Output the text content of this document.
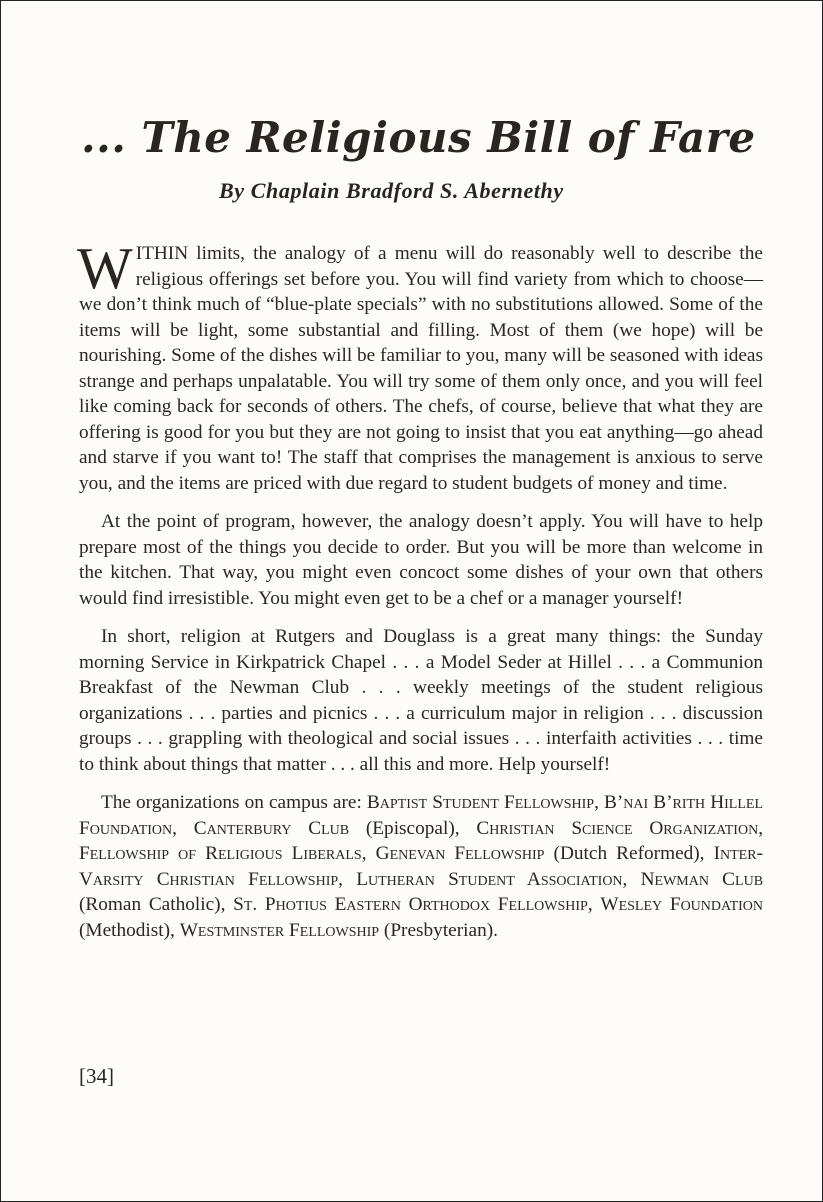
... The Religious Bill of Fare
By Chaplain Bradford S. Abernethy

WITHIN limits, the analogy of a menu will do reasonably well to describe the religious offerings set before you. You will find variety from which to choose—we don’t think much of “blue-plate specials” with no substitutions allowed. Some of the items will be light, some substantial and filling. Most of them (we hope) will be nourishing. Some of the dishes will be familiar to you, many will be seasoned with ideas strange and perhaps unpalatable. You will try some of them only once, and you will feel like coming back for seconds of others. The chefs, of course, believe that what they are offering is good for you but they are not going to insist that you eat anything—go ahead and starve if you want to! The staff that comprises the management is anxious to serve you, and the items are priced with due regard to student budgets of money and time.

At the point of program, however, the analogy doesn’t apply. You will have to help prepare most of the things you decide to order. But you will be more than welcome in the kitchen. That way, you might even concoct some dishes of your own that others would find irresistible. You might even get to be a chef or a manager yourself!

In short, religion at Rutgers and Douglass is a great many things: the Sunday morning Service in Kirkpatrick Chapel . . . a Model Seder at Hillel . . . a Communion Breakfast of the Newman Club . . . weekly meetings of the student religious organizations . . . parties and picnics . . . a curriculum major in religion . . . discussion groups . . . grappling with theological and social issues . . . interfaith activities . . . time to think about things that matter . . . all this and more. Help yourself!

The organizations on campus are: Baptist Student Fellowship, B’nai B’rith Hillel Foundation, Canterbury Club (Episcopal), Christian Science Organization, Fellowship of Religious Liberals, Genevan Fellowship (Dutch Reformed), Inter-Varsity Christian Fellowship, Lutheran Student Association, Newman Club (Roman Catholic), St. Photius Eastern Orthodox Fellowship, Wesley Foundation (Methodist), Westminster Fellowship (Presbyterian).

[34]
